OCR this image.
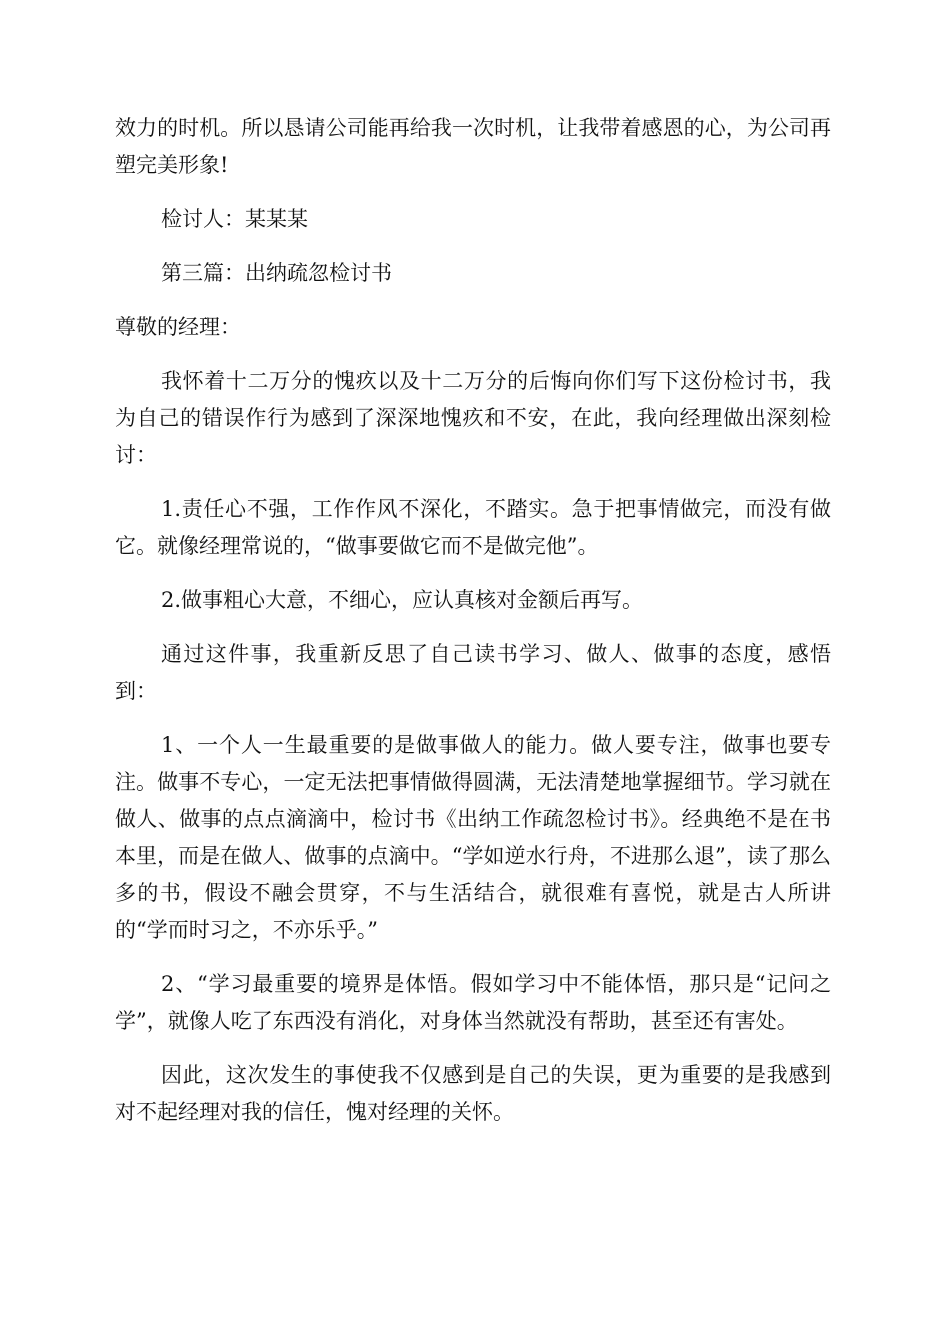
效力的时机。所以恳请公司能再给我一次时机，让我带着感恩的心，为公司再塑完美形象!

检讨人：某某某

第三篇：出纳疏忽检讨书

尊敬的经理：

我怀着十二万分的愧疚以及十二万分的后悔向你们写下这份检讨书，我为自己的错误作行为感到了深深地愧疚和不安，在此，我向经理做出深刻检讨：

1.责任心不强，工作作风不深化，不踏实。急于把事情做完，而没有做它。就像经理常说的，“做事要做它而不是做完他”。

2.做事粗心大意，不细心，应认真核对金额后再写。

通过这件事，我重新反思了自己读书学习、做人、做事的态度，感悟到：

1、一个人一生最重要的是做事做人的能力。做人要专注，做事也要专注。做事不专心，一定无法把事情做得圆满，无法清楚地掌握细节。学习就在做人、做事的点点滴滴中，检讨书《出纳工作疏忽检讨书》。经典绝不是在书本里，而是在做人、做事的点滴中。“学如逆水行舟，不进那么退”，读了那么多的书，假设不融会贯穿，不与生活结合，就很难有喜悦，就是古人所讲的“学而时习之，不亦乐乎。”

2、“学习最重要的境界是体悟。假如学习中不能体悟，那只是“记问之学”，就像人吃了东西没有消化，对身体当然就没有帮助，甚至还有害处。

因此，这次发生的事使我不仅感到是自己的失误，更为重要的是我感到对不起经理对我的信任，愧对经理的关怀。
